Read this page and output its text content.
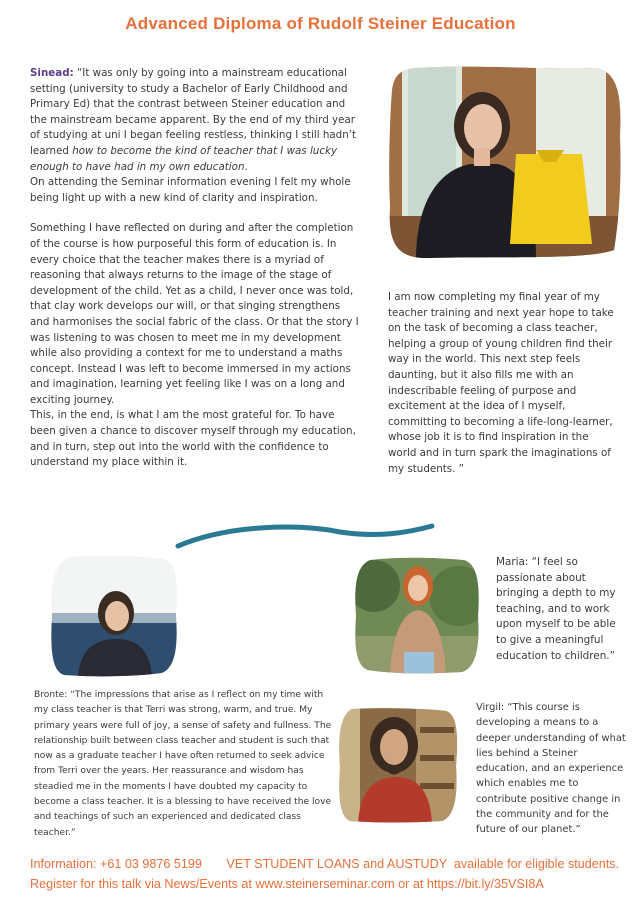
Advanced Diploma of Rudolf Steiner Education
Sinead: “It was only by going into a mainstream educational setting (university to study a Bachelor of Early Childhood and Primary Ed) that the contrast between Steiner education and the mainstream became apparent. By the end of my third year of studying at uni I began feeling restless, thinking I still hadn’t learned how to become the kind of teacher that I was lucky enough to have had in my own education.
On attending the Seminar information evening I felt my whole being light up with a new kind of clarity and inspiration.
Something I have reflected on during and after the completion of the course is how purposeful this form of education is. In every choice that the teacher makes there is a myriad of reasoning that always returns to the image of the stage of development of the child. Yet as a child, I never once was told, that clay work develops our will, or that singing strengthens and harmonises the social fabric of the class. Or that the story I was listening to was chosen to meet me in my development while also providing a context for me to understand a maths concept. Instead I was left to become immersed in my actions and imagination, learning yet feeling like I was on a long and exciting journey.
This, in the end, is what I am the most grateful for. To have been given a chance to discover myself through my education, and in turn, step out into the world with the confidence to understand my place within it.
I am now completing my final year of my teacher training and next year hope to take on the task of becoming a class teacher, helping a group of young children find their way in the world. This next step feels daunting, but it also fills me with an indescribable feeling of purpose and excitement at the idea of I myself, committing to becoming a life-long-learner, whose job it is to find inspiration in the world and in turn spark the imaginations of my students. ”
Bronte: “The impressions that arise as I reflect on my time with my class teacher is that Terri was strong, warm, and true. My primary years were full of joy, a sense of safety and fullness. The relationship built between class teacher and student is such that now as a graduate teacher I have often returned to seek advice from Terri over the years. Her reassurance and wisdom has steadied me in the moments I have doubted my capacity to become a class teacher. It is a blessing to have received the love and teachings of such an experienced and dedicated class teacher.”
Maria: “I feel so passionate about bringing a depth to my teaching, and to work upon myself to be able to give a meaningful education to children.”
Virgil: “This course is developing a means to a deeper understanding of what lies behind a Steiner education, and an experience which enables me to contribute positive change in the community and for the future of our planet.”
Information: +61 03 9876 5199 VET STUDENT LOANS and AUSTUDY  available for eligible students.
Register for this talk via News/Events at www.steinerseminar.com or at https://bit.ly/35VSI8A
